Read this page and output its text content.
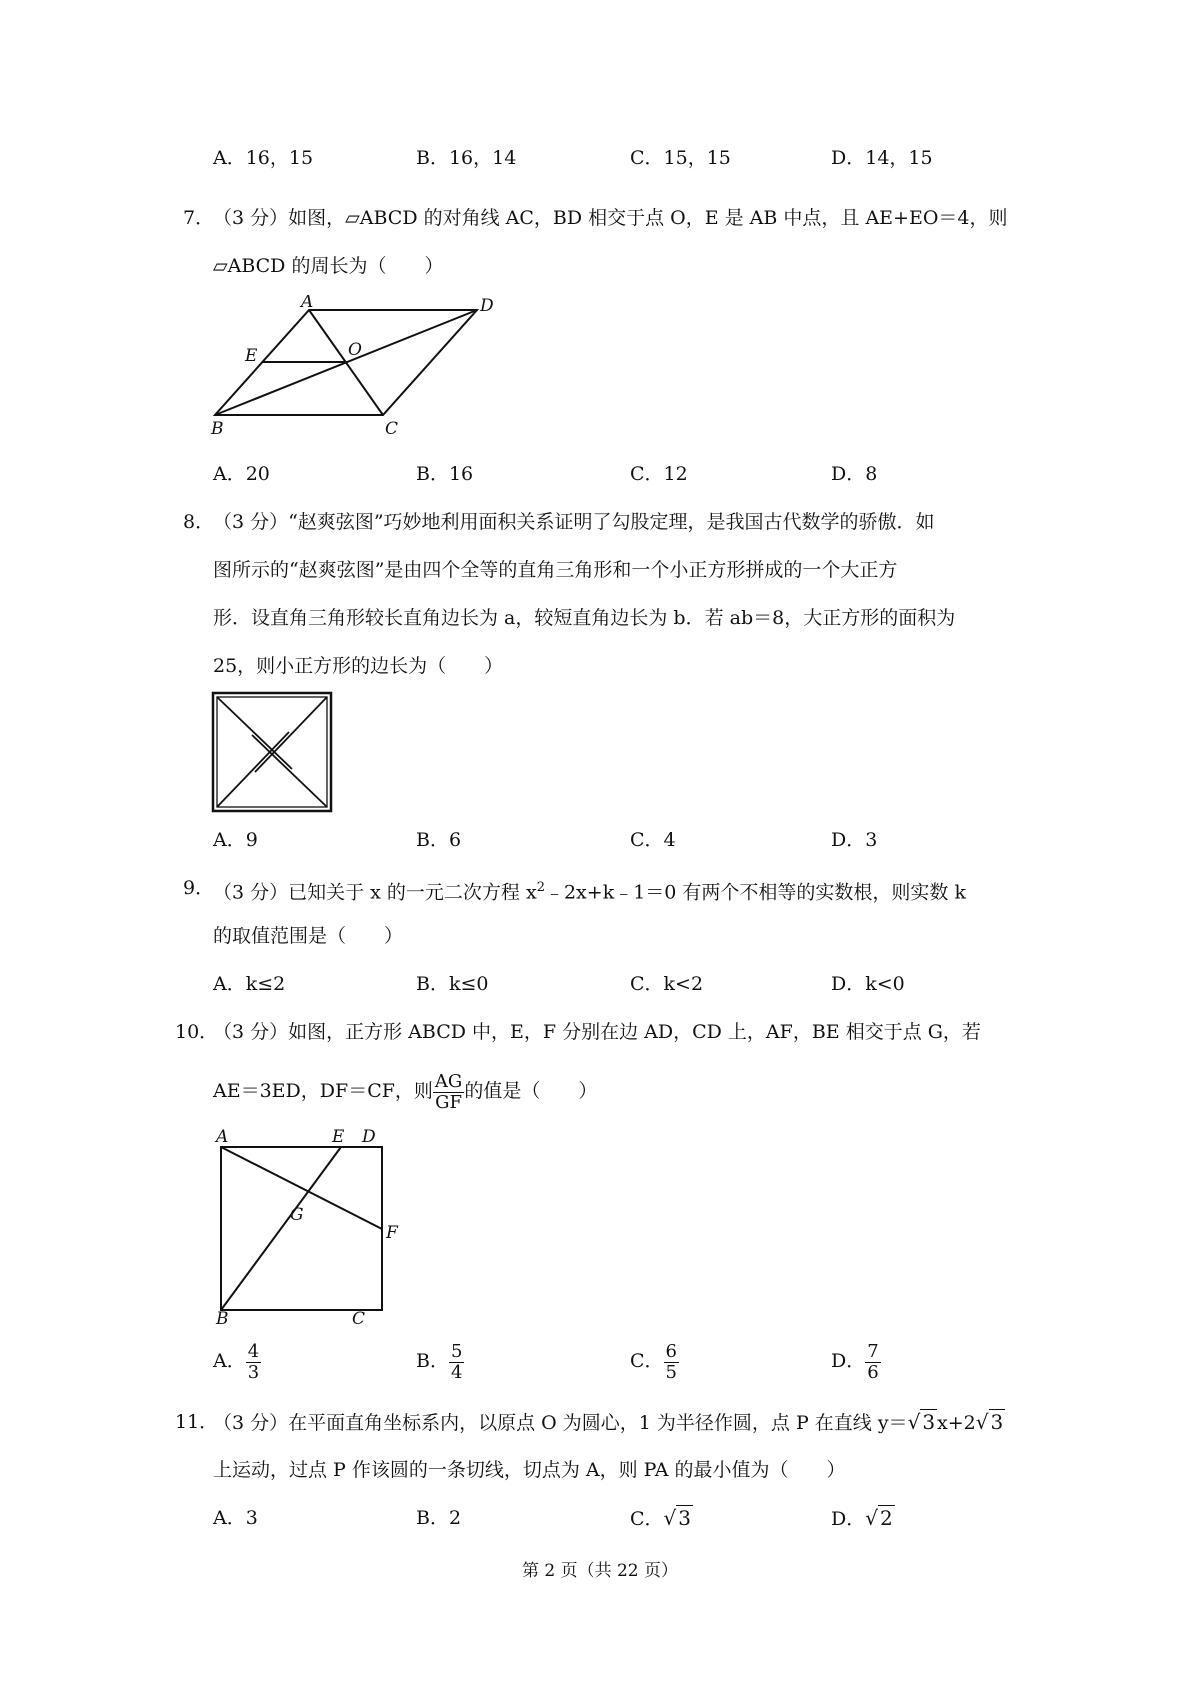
A．16，15	B．16，14	C．15，15	D．14，15
7．
（3 分）如图，▱ABCD 的对角线 AC，BD 相交于点 O，E 是 AB 中点，且 AE+EO＝4，则
▱ABCD 的周长为（　　）
A	D
E	O
B	C
A．20	B．16	C．12	D．8
8．
（3 分）“赵爽弦图”巧妙地利用面积关系证明了勾股定理，是我国古代数学的骄傲．如
图所示的“赵爽弦图”是由四个全等的直角三角形和一个小正方形拼成的一个大正方
形．设直角三角形较长直角边长为 a，较短直角边长为 b．若 ab＝8，大正方形的面积为
25，则小正方形的边长为（　　）
A．9	B．6	C．4	D．3
9．
（3 分）已知关于 x 的一元二次方程 $x^2﹣2x+k﹣1=0$ 有两个不相等的实数根，则实数 k
的取值范围是（　　）
A．k≤2	B．k≤0	C．k<2	D．k<0
10．
（3 分）如图，正方形 ABCD 中，E，F 分别在边 AD，CD 上，AF，BE 相交于点 G，若
AE＝3ED，DF＝CF，则 $\frac{AG}{GF}$ 的值是（　　）
A	E D
G
F
B	C
A． $\frac{4}{3}$	B． $\frac{5}{4}$	C． $\frac{6}{5}$	D． $\frac{7}{6}$
11．
（3 分）在平面直角坐标系内，以原点 O 为圆心，1 为半径作圆，点 P 在直线 y＝√ 3 x+2√ 3
上运动，过点 P 作该圆的一条切线，切点为 A，则 PA 的最小值为（　　）
A．3	B．2	C．√ 3	D．√ 2
第 2 页（共 22 页）
